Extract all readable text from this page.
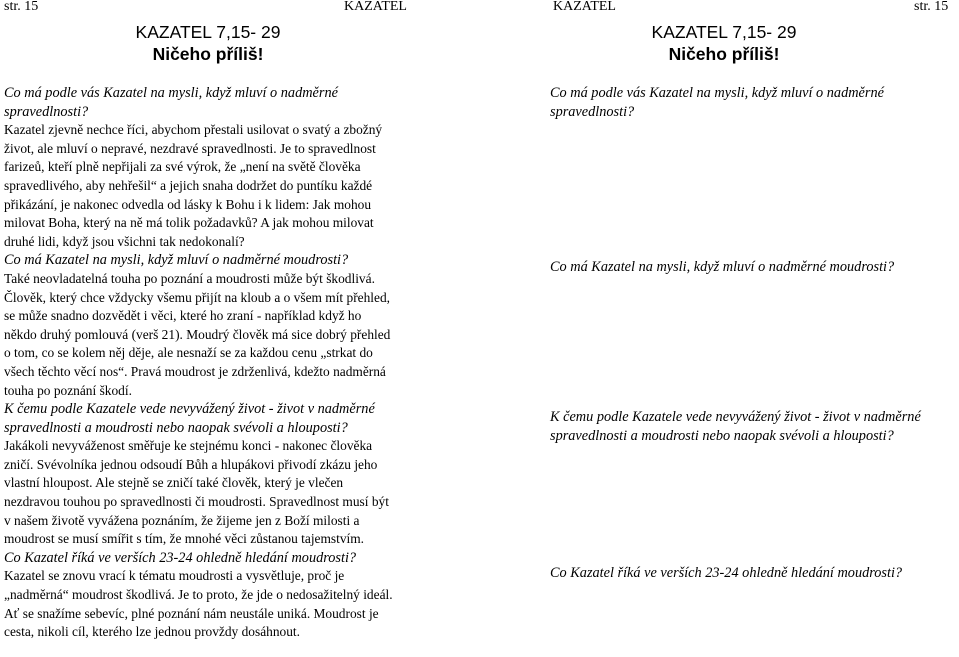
str. 15	KAZATEL
KAZATEL 7,15- 29
Ničeho příliš!

Co má podle vás Kazatel na mysli, když mluví o nadměrné spravedlnosti?

Kazatel zjevně nechce říci, abychom přestali usilovat o svatý a zbožný život, ale mluví o nepravé, nezdravé spravedlnosti. Je to spravedlnost farizeů, kteří plně nepřijali za své výrok, že „není na světě člověka spravedlivého, aby nehřešil“ a jejich snaha dodržet do puntíku každé přikázání, je nakonec odvedla od lásky k Bohu i k lidem: Jak mohou milovat Boha, který na ně má tolik požadavků? A jak mohou milovat druhé lidi, když jsou všichni tak nedokonalí?

Co má Kazatel na mysli, když mluví o nadměrné moudrosti?

Také neovladatelná touha po poznání a moudrosti může být škodlivá. Člověk, který chce vždycky všemu přijít na kloub a o všem mít přehled, se může snadno dozvědět i věci, které ho zraní - například když ho někdo druhý pomlouvá (verš 21). Moudrý člověk má sice dobrý přehled o tom, co se kolem něj děje, ale nesnaží se za každou cenu „strkat do všech těchto věcí nos“. Pravá moudrost je zdrženlivá, kdežto nadměrná touha po poznání škodí.

K čemu podle Kazatele vede nevyvážený život - život v nadměrné spravedlnosti a moudrosti nebo naopak svévoli a hlouposti?

Jakákoli nevyváženost směřuje ke stejnému konci - nakonec člověka zničí. Svévolníka jednou odsoudí Bůh a hlupákovi přivodí zkázu jeho vlastní hloupost. Ale stejně se zničí také člověk, který je vlečen nezdravou touhou po spravedlnosti či moudrosti. Spravedlnost musí být v našem životě vyvážena poznáním, že žijeme jen z Boží milosti a moudrost se musí smířit s tím, že mnohé věci zůstanou tajemstvím.

Co Kazatel říká ve verších 23-24 ohledně hledání moudrosti?

Kazatel se znovu vrací k tématu moudrosti a vysvětluje, proč je „nadměrná“ moudrost škodlivá. Je to proto, že jde o nedosažitelný ideál. Ať se snažíme sebevíc, plné poznání nám neustále uniká. Moudrost je cesta, nikoli cíl, kterého lze jednou provždy dosáhnout.

KAZATEL	str. 15
KAZATEL 7,15- 29
Ničeho příliš!

Co má podle vás Kazatel na mysli, když mluví o nadměrné spravedlnosti?

Co má Kazatel na mysli, když mluví o nadměrné moudrosti?

K čemu podle Kazatele vede nevyvážený život - život v nadměrné spravedlnosti a moudrosti nebo naopak svévoli a hlouposti?

Co Kazatel říká ve verších 23-24 ohledně hledání moudrosti?
